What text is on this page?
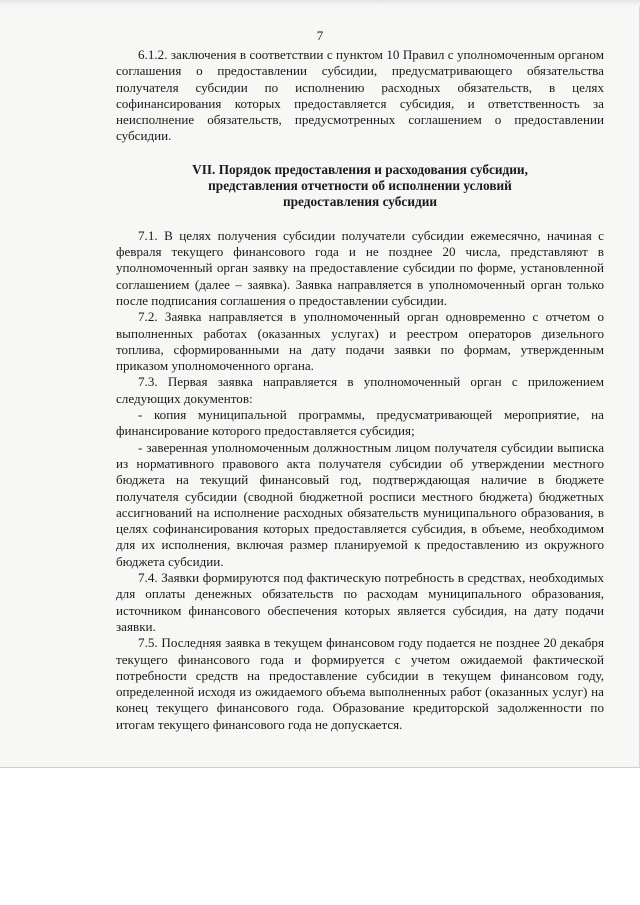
7

6.1.2. заключения в соответствии с пунктом 10 Правил с уполномоченным органом соглашения о предоставлении субсидии, предусматривающего обязательства получателя субсидии по исполнению расходных обязательств, в целях софинансирования которых предоставляется субсидия, и ответственность за неисполнение обязательств, предусмотренных соглашением о предоставлении субсидии.

VII. Порядок предоставления и расходования субсидии,
представления отчетности об исполнении условий
предоставления субсидии

7.1. В целях получения субсидии получатели субсидии ежемесячно, начиная с февраля текущего финансового года и не позднее 20 числа, представляют в уполномоченный орган заявку на предоставление субсидии по форме, установленной соглашением (далее – заявка). Заявка направляется в уполномоченный орган только после подписания соглашения о предоставлении субсидии.

7.2. Заявка направляется в уполномоченный орган одновременно с отчетом о выполненных работах (оказанных услугах) и реестром операторов дизельного топлива, сформированными на дату подачи заявки по формам, утвержденным приказом уполномоченного органа.

7.3. Первая заявка направляется в уполномоченный орган с приложением следующих документов:

- копия муниципальной программы, предусматривающей мероприятие, на финансирование которого предоставляется субсидия;

- заверенная уполномоченным должностным лицом получателя субсидии выписка из нормативного правового акта получателя субсидии об утверждении местного бюджета на текущий финансовый год, подтверждающая наличие в бюджете получателя субсидии (сводной бюджетной росписи местного бюджета) бюджетных ассигнований на исполнение расходных обязательств муниципального образования, в целях софинансирования которых предоставляется субсидия, в объеме, необходимом для их исполнения, включая размер планируемой к предоставлению из окружного бюджета субсидии.

7.4. Заявки формируются под фактическую потребность в средствах, необходимых для оплаты денежных обязательств по расходам муниципального образования, источником финансового обеспечения которых является субсидия, на дату подачи заявки.

7.5. Последняя заявка в текущем финансовом году подается не позднее 20 декабря текущего финансового года и формируется с учетом ожидаемой фактической потребности средств на предоставление субсидии в текущем финансовом году, определенной исходя из ожидаемого объема выполненных работ (оказанных услуг) на конец текущего финансового года. Образование кредиторской задолженности по итогам текущего финансового года не допускается.
